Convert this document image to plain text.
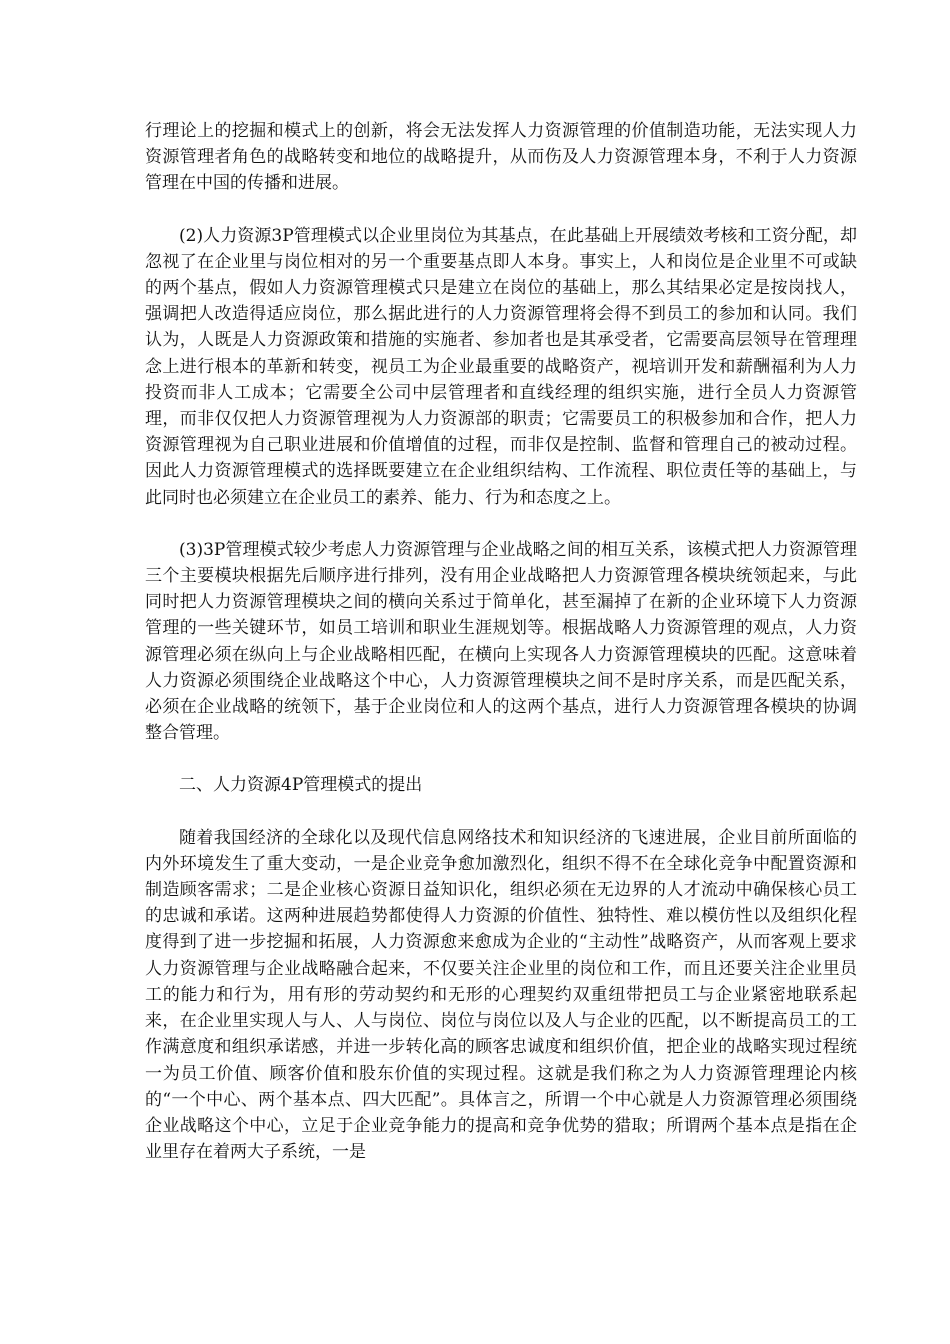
行理论上的挖掘和模式上的创新，将会无法发挥人力资源管理的价值制造功能，无法实现人力资源管理者角色的战略转变和地位的战略提升，从而伤及人力资源管理本身，不利于人力资源管理在中国的传播和进展。

(2)人力资源3P管理模式以企业里岗位为其基点，在此基础上开展绩效考核和工资分配，却忽视了在企业里与岗位相对的另一个重要基点即人本身。事实上，人和岗位是企业里不可或缺的两个基点，假如人力资源管理模式只是建立在岗位的基础上，那么其结果必定是按岗找人，强调把人改造得适应岗位，那么据此进行的人力资源管理将会得不到员工的参加和认同。我们认为，人既是人力资源政策和措施的实施者、参加者也是其承受者，它需要高层领导在管理理念上进行根本的革新和转变，视员工为企业最重要的战略资产，视培训开发和薪酬福利为人力投资而非人工成本；它需要全公司中层管理者和直线经理的组织实施，进行全员人力资源管理，而非仅仅把人力资源管理视为人力资源部的职责；它需要员工的积极参加和合作，把人力资源管理视为自己职业进展和价值增值的过程，而非仅是控制、监督和管理自己的被动过程。因此人力资源管理模式的选择既要建立在企业组织结构、工作流程、职位责任等的基础上，与此同时也必须建立在企业员工的素养、能力、行为和态度之上。

(3)3P管理模式较少考虑人力资源管理与企业战略之间的相互关系，该模式把人力资源管理三个主要模块根据先后顺序进行排列，没有用企业战略把人力资源管理各模块统领起来，与此同时把人力资源管理模块之间的横向关系过于简单化，甚至漏掉了在新的企业环境下人力资源管理的一些关键环节，如员工培训和职业生涯规划等。根据战略人力资源管理的观点，人力资源管理必须在纵向上与企业战略相匹配，在横向上实现各人力资源管理模块的匹配。这意味着人力资源必须围绕企业战略这个中心，人力资源管理模块之间不是时序关系，而是匹配关系，必须在企业战略的统领下，基于企业岗位和人的这两个基点，进行人力资源管理各模块的协调整合管理。

二、人力资源4P管理模式的提出

随着我国经济的全球化以及现代信息网络技术和知识经济的飞速进展，企业目前所面临的内外环境发生了重大变动，一是企业竞争愈加激烈化，组织不得不在全球化竞争中配置资源和制造顾客需求；二是企业核心资源日益知识化，组织必须在无边界的人才流动中确保核心员工的忠诚和承诺。这两种进展趋势都使得人力资源的价值性、独特性、难以模仿性以及组织化程度得到了进一步挖掘和拓展，人力资源愈来愈成为企业的“主动性”战略资产，从而客观上要求人力资源管理与企业战略融合起来，不仅要关注企业里的岗位和工作，而且还要关注企业里员工的能力和行为，用有形的劳动契约和无形的心理契约双重纽带把员工与企业紧密地联系起来，在企业里实现人与人、人与岗位、岗位与岗位以及人与企业的匹配，以不断提高员工的工作满意度和组织承诺感，并进一步转化高的顾客忠诚度和组织价值，把企业的战略实现过程统一为员工价值、顾客价值和股东价值的实现过程。这就是我们称之为人力资源管理理论内核的“一个中心、两个基本点、四大匹配”。具体言之，所谓一个中心就是人力资源管理必须围绕企业战略这个中心，立足于企业竞争能力的提高和竞争优势的猎取；所谓两个基本点是指在企业里存在着两大子系统，一是
